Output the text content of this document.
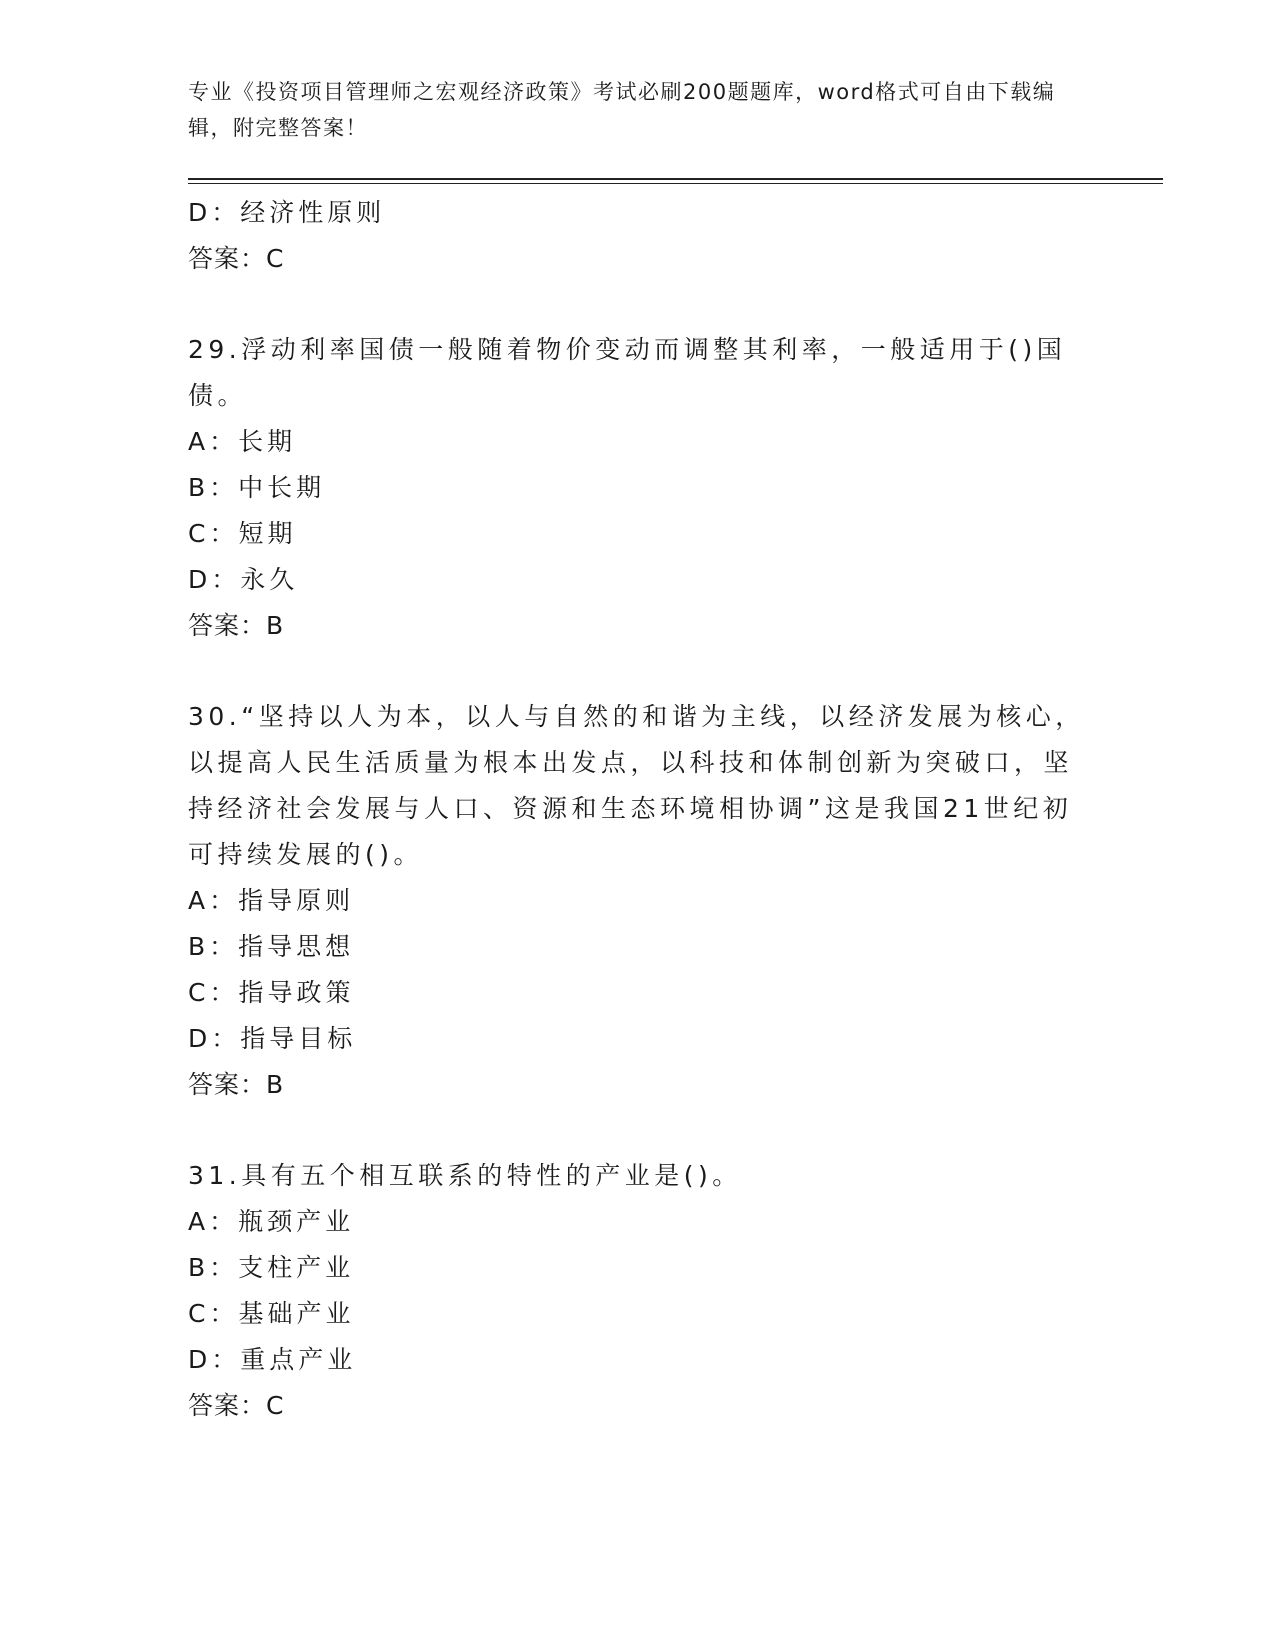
专业《投资项目管理师之宏观经济政策》考试必刷200题题库，word格式可自由下载编辑，附完整答案！
D：经济性原则
答案：C
29.浮动利率国债一般随着物价变动而调整其利率，一般适用于()国债。
A：长期
B：中长期
C：短期
D：永久
答案：B
30.“坚持以人为本，以人与自然的和谐为主线，以经济发展为核心，以提高人民生活质量为根本出发点，以科技和体制创新为突破口，坚持经济社会发展与人口、资源和生态环境相协调”这是我国21世纪初可持续发展的()。
A：指导原则
B：指导思想
C：指导政策
D：指导目标
答案：B
31.具有五个相互联系的特性的产业是()。
A：瓶颈产业
B：支柱产业
C：基础产业
D：重点产业
答案：C
